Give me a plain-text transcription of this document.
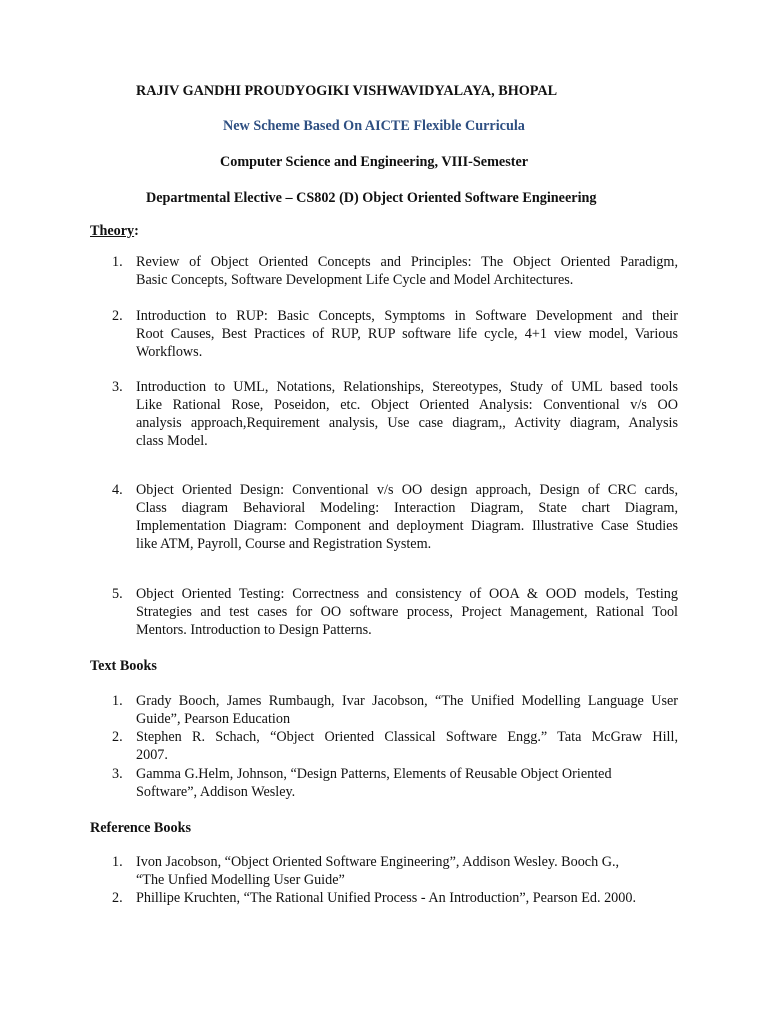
RAJIV GANDHI PROUDYOGIKI VISHWAVIDYALAYA, BHOPAL
New Scheme Based On AICTE Flexible Curricula
Computer Science and Engineering, VIII-Semester
Departmental Elective – CS802 (D) Object Oriented Software Engineering
Theory:
1. Review of Object Oriented Concepts and Principles: The Object Oriented Paradigm,
Basic Concepts, Software Development Life Cycle and Model Architectures.
2. Introduction to RUP: Basic Concepts, Symptoms in Software Development and their
Root Causes, Best Practices of RUP, RUP software life cycle, 4+1 view model, Various
Workflows.
3. Introduction to UML, Notations, Relationships, Stereotypes, Study of UML based tools
Like Rational Rose, Poseidon, etc. Object Oriented Analysis: Conventional v/s OO
analysis approach,Requirement analysis, Use case diagram,, Activity diagram, Analysis
class Model.
4. Object Oriented Design: Conventional v/s OO design approach, Design of CRC cards,
Class diagram Behavioral Modeling: Interaction Diagram, State chart Diagram,
Implementation Diagram: Component and deployment Diagram. Illustrative Case Studies
like ATM, Payroll, Course and Registration System.
5. Object Oriented Testing: Correctness and consistency of OOA & OOD models, Testing
Strategies and test cases for OO software process, Project Management, Rational Tool
Mentors. Introduction to Design Patterns.
Text Books
1. Grady Booch, James Rumbaugh, Ivar Jacobson, “The Unified Modelling Language User
Guide”, Pearson Education
2. Stephen R. Schach, “Object Oriented Classical Software Engg.” Tata McGraw Hill,
2007.
3. Gamma G.Helm, Johnson, “Design Patterns, Elements of Reusable Object Oriented
Software”, Addison Wesley.
Reference Books
1. Ivon Jacobson, “Object Oriented Software Engineering”, Addison Wesley. Booch G.,
“The Unfied Modelling User Guide”
2. Phillipe Kruchten, “The Rational Unified Process - An Introduction”, Pearson Ed. 2000.
